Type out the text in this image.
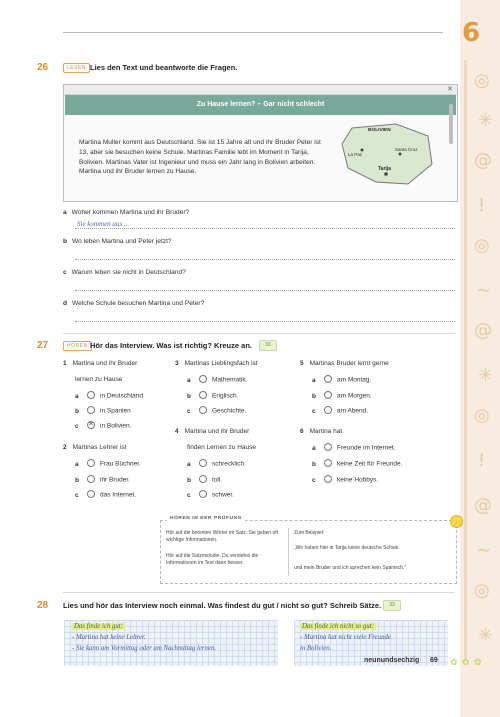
◎
✳
@
!
◎
~
@
✳
◎
!
@
~
◎
✳
6
26	LESEN Lies den Text und beantworte die Fragen.
✕
Zu Hause lernen? – Gar nicht schlecht
Martina Muller kommt aus Deutschland. Sie ist 15 Jahre alt und ihr Bruder Peter ist 13, aber sie besuchen keine Schule. Martinas Familie lebt im Moment in Tarija, Bolivien. Martinas Vater ist Ingenieur und muss ein Jahr lang in Bolivien arbeiten. Martina und ihr Bruder lernen zu Hause.
BOLIVIEN
La Paz
Santa Cruz
Tarija
a Woher kommen Martina und ihr Bruder?
Sie kommen aus ...
b Wo leben Martina und Peter jetzt?
c Warum leben sie nicht in Deutschland?
d Welche Schule besuchen Martina und Peter?
27	HÖREN Hör das Interview. Was ist richtig? Kreuze an.	33
1 Martina und ihr Bruder
lernen zu Hause
a	in Deutschland
b	in Spanien
c✕	in Bolivien.
2 Martinas Lehrer ist
a	Frau Büchner.
b	ihr Bruder.
c	das Internet.
3 Martinas Lieblingsfach ist
a	Mathematik.
b	Englisch.
c	Geschichte.
4 Martina und ihr Bruder
finden Lernen zu Hause
a	schrecklich.
b	toll.
c	schwer.
5 Martinas Bruder lernt gerne
a	am Montag.
b	am Morgen.
c	am Abend.
6 Martina hat
a	Freunde im Internet.
b	keine Zeit für Freunde.
c	keine Hobbys.
HÖREN IN DER PRÜFUNG
Hör auf die betonten Wörter im Satz. Sie geben oft wichtige Informationen.
Hör auf die Satzmelodie. Du verstehst die Informationen im Text dann besser.
Zum Beispiel:
„Wir haben hier in Tarija keine deutsche Schule.
und mein Bruder und ich sprechen kein Spanisch.“
28 Lies und hör das Interview noch einmal. Was findest du gut / nicht so gut? Schreib Sätze.	33
Das finde ich gut:
- Martina hat keine Lehrer.
- Sie kann am Vormittag oder am Nachmittag lernen.
Das finde ich nicht so gut:
- Martina hat nicht viele Freunde
in Bolivien.
neunundsechzig 69 ✿ ✿ ✿
